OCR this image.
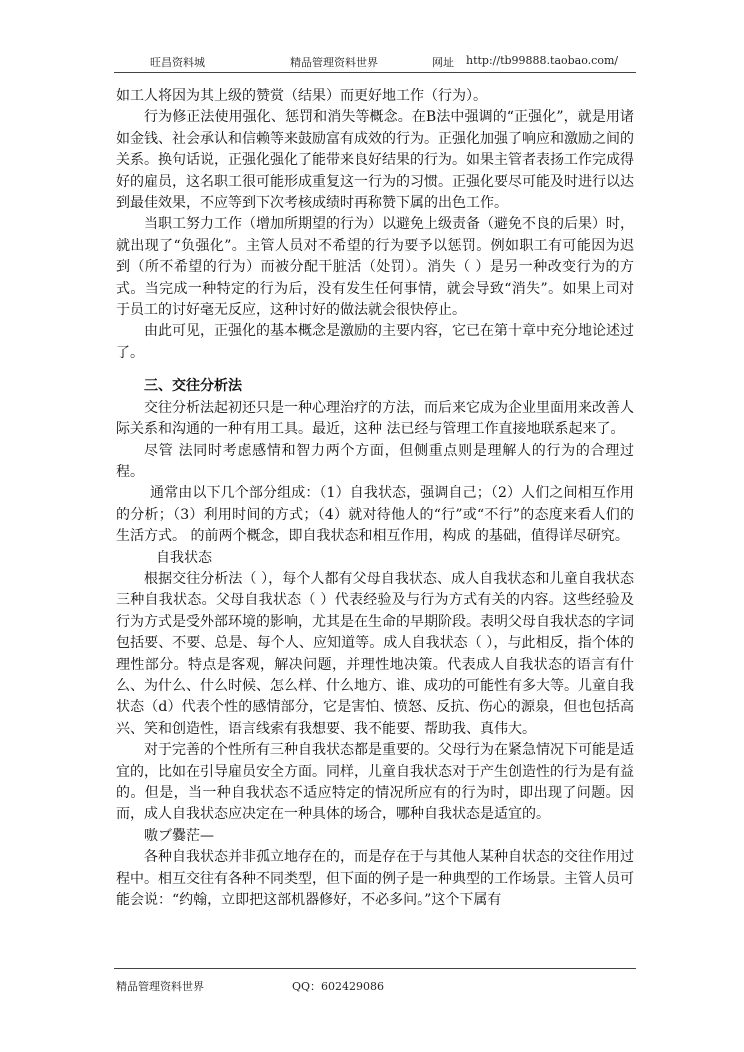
旺昌资料城	精品管理资料世界	网址 http://tb99888.taobao.com/

如工人将因为其上级的赞赏（结果）而更好地工作（行为）。

行为修正法使用强化、惩罚和消失等概念。在B法中强调的“正强化”，就是用诸如金钱、社会承认和信赖等来鼓励富有成效的行为。正强化加强了响应和激励之间的关系。换句话说，正强化强化了能带来良好结果的行为。如果主管者表扬工作完成得好的雇员，这名职工很可能形成重复这一行为的习惯。正强化要尽可能及时进行以达到最佳效果，不应等到下次考核成绩时再称赞下属的出色工作。

当职工努力工作（增加所期望的行为）以避免上级责备（避免不良的后果）时，就出现了“负强化”。主管人员对不希望的行为要予以惩罚。例如职工有可能因为迟到（所不希望的行为）而被分配干脏活（处罚）。消失（ ）是另一种改变行为的方式。当完成一种特定的行为后，没有发生任何事情，就会导致“消失”。如果上司对于员工的讨好毫无反应，这种讨好的做法就会很快停止。

由此可见，正强化的基本概念是激励的主要内容，它已在第十章中充分地论述过了。

三、交往分析法

交往分析法起初还只是一种心理治疗的方法，而后来它成为企业里面用来改善人际关系和沟通的一种有用工具。最近，这种 法已经与管理工作直接地联系起来了。

尽管 法同时考虑感情和智力两个方面，但侧重点则是理解人的行为的合理过程。

通常由以下几个部分组成：（1）自我状态，强调自己；（2）人们之间相互作用的分析；（3）利用时间的方式；（4）就对待他人的“行”或“不行”的态度来看人们的生活方式。 的前两个概念，即自我状态和相互作用，构成 的基础，值得详尽研究。

自我状态

根据交往分析法（ ），每个人都有父母自我状态、成人自我状态和儿童自我状态三种自我状态。父母自我状态（ ）代表经验及与行为方式有关的内容。这些经验及行为方式是受外部环境的影响，尤其是在生命的早期阶段。表明父母自我状态的字词包括要、不要、总是、每个人、应知道等。成人自我状态（ ），与此相反，指个体的理性部分。特点是客观，解决问题，并理性地决策。代表成人自我状态的语言有什么、为什么、什么时候、怎么样、什么地方、谁、成功的可能性有多大等。儿童自我状态（d）代表个性的感情部分，它是害怕、愤怒、反抗、伤心的源泉，但也包括高兴、笑和创造性，语言线索有我想要、我不能要、帮助我、真伟大。

对于完善的个性所有三种自我状态都是重要的。父母行为在紧急情况下可能是适宜的，比如在引导雇员安全方面。同样，儿童自我状态对于产生创造性的行为是有益的。但是，当一种自我状态不适应特定的情况所应有的行为时，即出现了问题。因而，成人自我状态应决定在一种具体的场合，哪种自我状态是适宜的。

嗷ブ爨茫—

各种自我状态并非孤立地存在的，而是存在于与其他人某种自状态的交往作用过程中。相互交往有各种不同类型，但下面的例子是一种典型的工作场景。主管人员可能会说：“约翰，立即把这部机器修好，不必多问。”这个下属有

精品管理资料世界	QQ：602429086
